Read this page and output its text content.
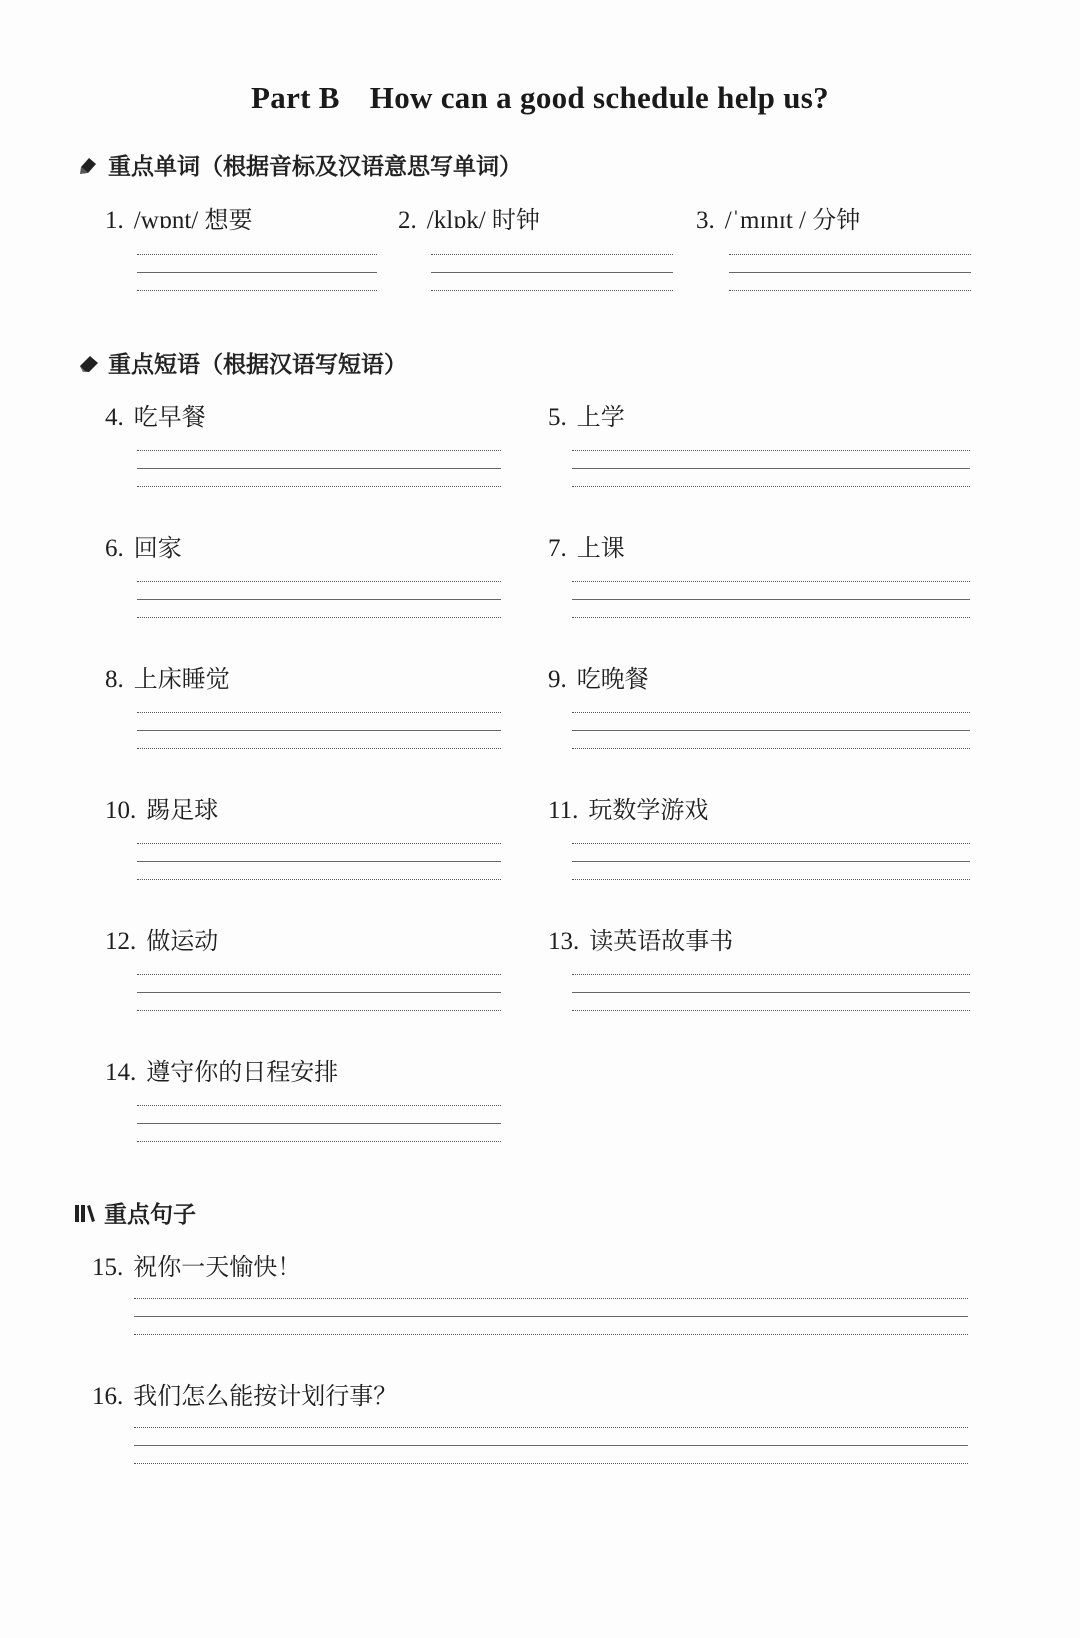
Part B How can a good schedule help us?
重点单词（根据音标及汉语意思写单词）
1. /wɒnt/ 想要	2. /klɒk/ 时钟	3. /ˈmɪnɪt / 分钟
重点短语（根据汉语写短语）
4. 吃早餐	5. 上学
6. 回家	7. 上课
8. 上床睡觉	9. 吃晚餐
10. 踢足球	11. 玩数学游戏
12. 做运动	13. 读英语故事书
14. 遵守你的日程安排
重点句子
15. 祝你一天愉快！
16. 我们怎么能按计划行事？
